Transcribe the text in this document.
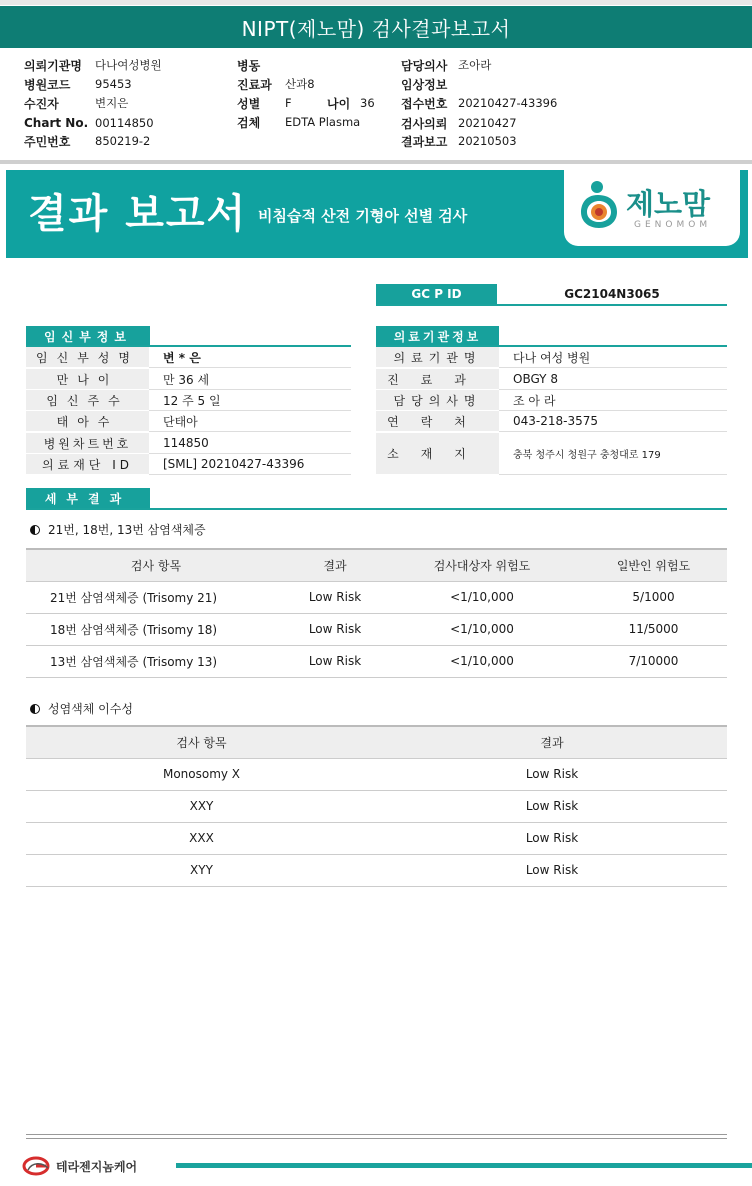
NIPT(제노맘) 검사결과보고서
의뢰기관명	다나여성병원
병원코드	95453
수진자	변지은
Chart No. 00114850
주민번호	850219-2
병동
진료과	산과8
성별	F	나이 36
검체	EDTA Plasma
담당의사 조아라
임상정보
접수번호 20210427-43396
검사의뢰 20210427
결과보고 20210503
결과 보고서 비침습적 산전 기형아 선별 검사	제노맘
GENOMOM
GC P ID	GC2104N3065
임신부정보
임신부성명	변 * 은
만나이	만 36 세
임신주수	12 주 5 일
태아수	단태아
병원차트번호	114850
의료재단 ID	[SML] 20210427-43396
의료기관정보
의료기관명	다나 여성 병원
진료과	OBGY 8
담당의사명	조 아 라
연락처	043-218-3575
소재지	충북 청주시 청원구 충청대로 179
세부결과
21번, 18번, 13번 삼염색체증
검사 항목	결과	검사대상자 위험도	일반인 위험도
21번 삼염색체증 (Trisomy 21)	Low Risk	<1/10,000	5/1000
18번 삼염색체증 (Trisomy 18)	Low Risk	<1/10,000	11/5000
13번 삼염색체증 (Trisomy 13)	Low Risk	<1/10,000	7/10000
성염색체 이수성
검사 항목	결과
Monosomy X	Low Risk
XXY	Low Risk
XXX	Low Risk
XYY	Low Risk
테라젠지놈케어
